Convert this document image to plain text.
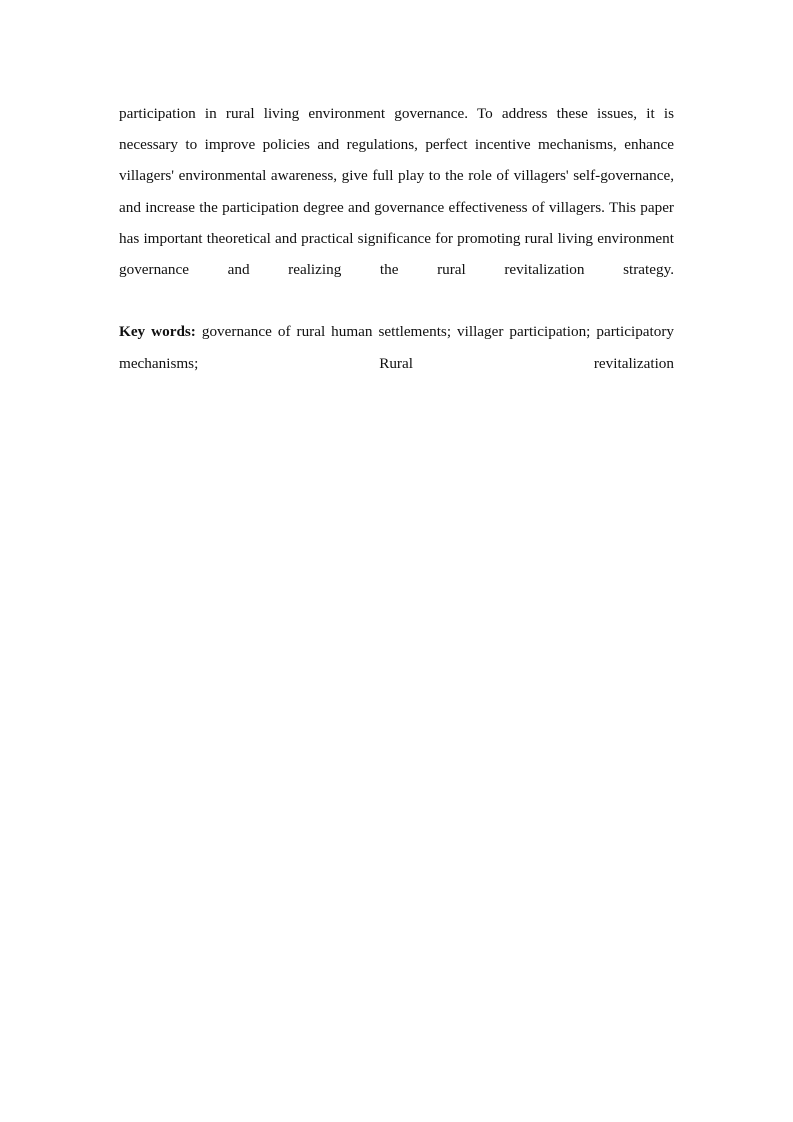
participation in rural living environment governance. To address these issues, it is necessary to improve policies and regulations, perfect incentive mechanisms, enhance villagers' environmental awareness, give full play to the role of villagers' self-governance, and increase the participation degree and governance effectiveness of villagers. This paper has important theoretical and practical significance for promoting rural living environment governance and realizing the rural revitalization strategy.

Key words: governance of rural human settlements; villager participation; participatory mechanisms; Rural revitalization
